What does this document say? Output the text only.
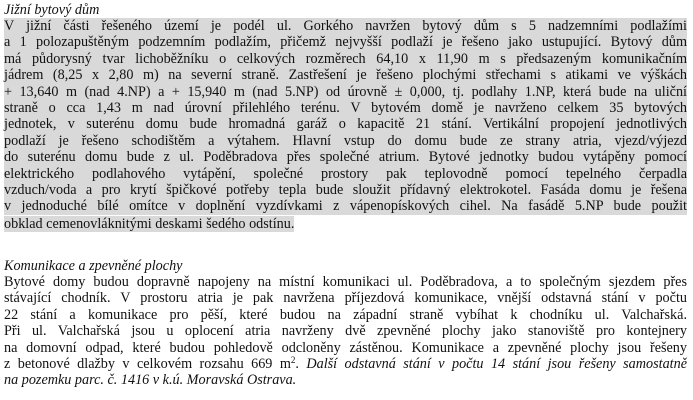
Jižní bytový dům
V jižní části řešeného území je podél ul. Gorkého navržen bytový dům s 5 nadzemními podlažími
a 1 polozapuštěným podzemním podlažím, přičemž nejvyšší podlaží je řešeno jako ustupující. Bytový dům
má půdorysný tvar lichoběžníku o celkových rozměrech 64,10 x 11,90 m s předsazeným komunikačním
jádrem (8,25 x 2,80 m) na severní straně. Zastřešení je řešeno plochými střechami s atikami ve výškách
+ 13,640 m (nad 4.NP) a + 15,940 m (nad 5.NP) od úrovně ± 0,000, tj. podlahy 1.NP, která bude na uliční
straně o cca 1,43 m nad úrovní přilehlého terénu. V bytovém domě je navrženo celkem 35 bytových
jednotek, v suterénu domu bude hromadná garáž o kapacitě 21 stání. Vertikální propojení jednotlivých
podlaží je řešeno schodištěm a výtahem. Hlavní vstup do domu bude ze strany atria, vjezd/výjezd
do suterénu domu bude z ul. Poděbradova přes společné atrium. Bytové jednotky budou vytápěny pomocí
elektrického podlahového vytápění, společné prostory pak teplovodně pomocí tepelného čerpadla
vzduch/voda a pro krytí špičkové potřeby tepla bude sloužit přídavný elektrokotel. Fasáda domu je řešena
v jednoduché bílé omítce v doplnění vyzdívkami z vápenopískových cihel. Na fasádě 5.NP bude použit
obklad cemenovláknitými deskami šedého odstínu.
Komunikace a zpevněné plochy
Bytové domy budou dopravně napojeny na místní komunikaci ul. Poděbradova, a to společným sjezdem přes
stávající chodník. V prostoru atria je pak navržena příjezdová komunikace, vnější odstavná stání v počtu
22 stání a komunikace pro pěší, které budou na západní straně vybíhat k chodníku ul. Valchařská.
Při ul. Valchařská jsou u oplocení atria navrženy dvě zpevněné plochy jako stanoviště pro kontejnery
na domovní odpad, které budou pohledově odcloněny zástěnou. Komunikace a zpevněné plochy jsou řešeny
z betonové dlažby v celkovém rozsahu 669 $m^2$. Další odstavná stání v počtu 14 stání jsou řešeny samostatně
na pozemku parc. č. 1416 v k.ú. Moravská Ostrava.
